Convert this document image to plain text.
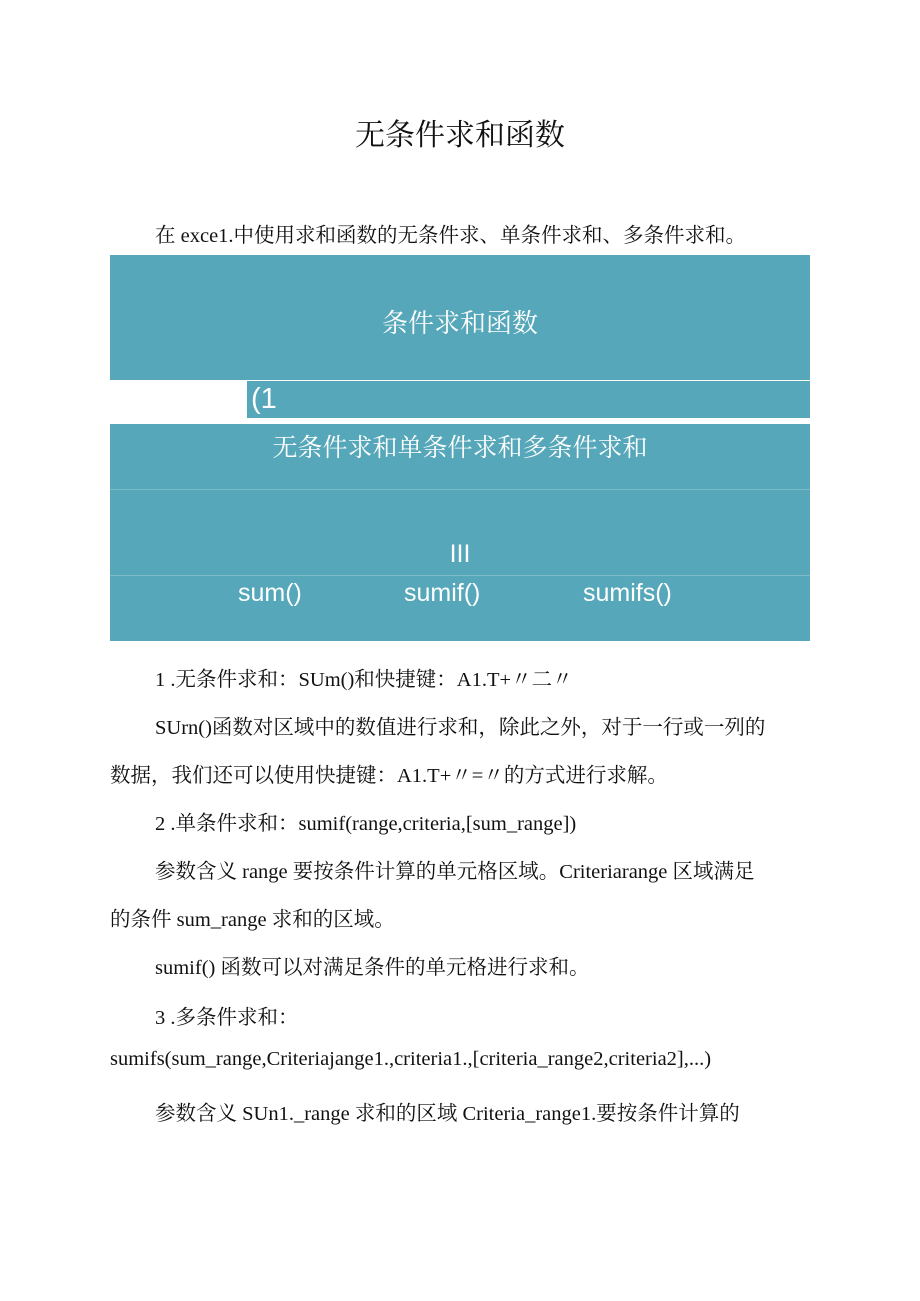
无条件求和函数
在 exce1.中使用求和函数的无条件求、单条件求和、多条件求和。
条件求和函数
(1
无条件求和单条件求和多条件求和
III
sum()	sumif()	sumifs()
1 .无条件求和：SUm()和快捷键：A1.T+〃二〃
SUrn()函数对区域中的数值进行求和，除此之外，对于一行或一列的
数据，我们还可以使用快捷键：A1.T+〃=〃的方式进行求解。
2 .单条件求和：sumif(range,criteria,[sum_range])
参数含义 range 要按条件计算的单元格区域。Criteriarange 区域满足
的条件 sum_range 求和的区域。
sumif() 函数可以对满足条件的单元格进行求和。
3 .多条件求和：
sumifs(sum_range,Criteriajange1.,criteria1.,[criteria_range2,criteria2],...)
参数含义 SUn1._range 求和的区域 Criteria_range1.要按条件计算的
